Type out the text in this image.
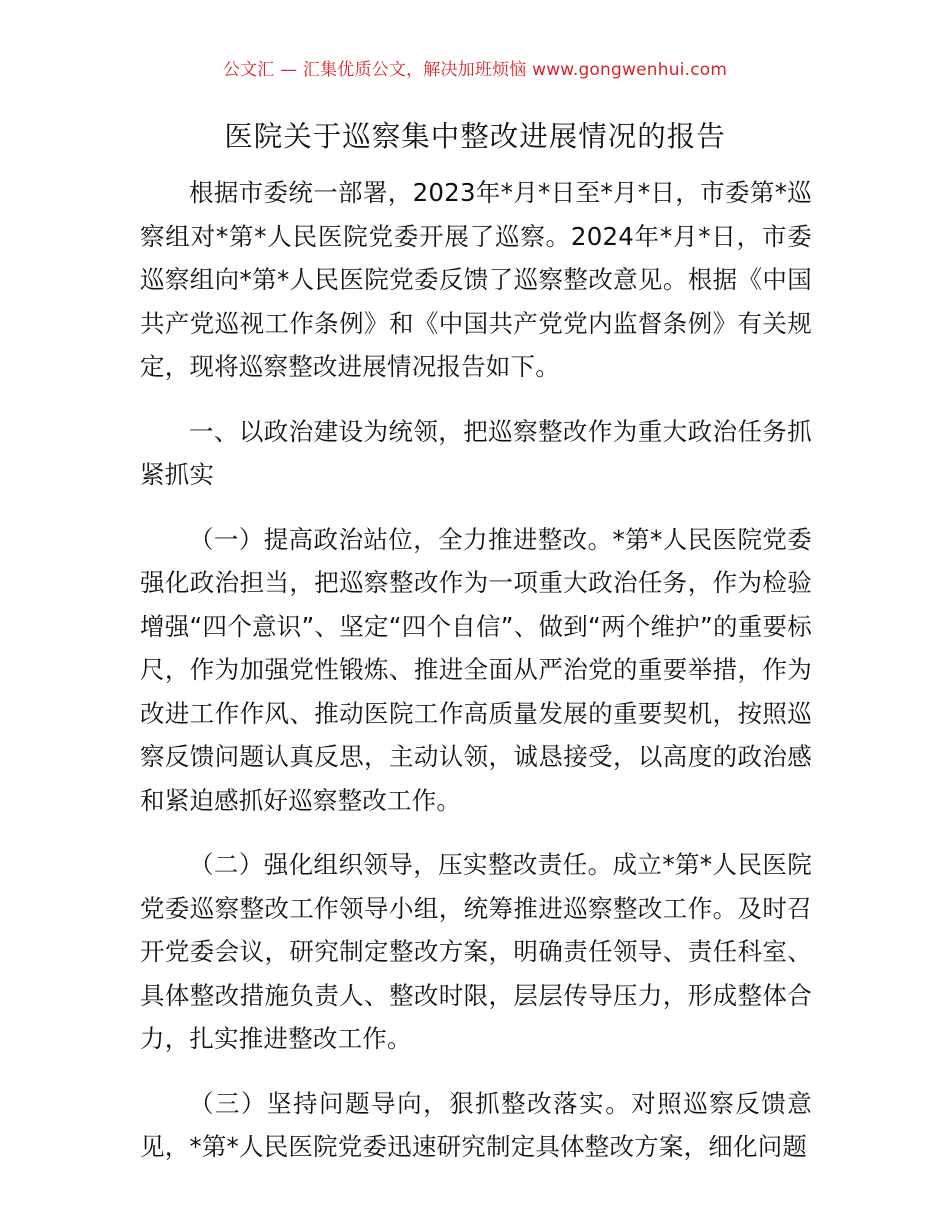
公文汇 — 汇集优质公文，解决加班烦恼 www.gongwenhui.com
医院关于巡察集中整改进展情况的报告

根据市委统一部署，2023年*月*日至*月*日，市委第*巡察组对*第*人民医院党委开展了巡察。2024年*月*日，市委巡察组向*第*人民医院党委反馈了巡察整改意见。根据《中国共产党巡视工作条例》和《中国共产党党内监督条例》有关规定，现将巡察整改进展情况报告如下。

一、以政治建设为统领，把巡察整改作为重大政治任务抓紧抓实

（一）提高政治站位，全力推进整改。*第*人民医院党委强化政治担当，把巡察整改作为一项重大政治任务，作为检验增强“四个意识”、坚定“四个自信”、做到“两个维护”的重要标尺，作为加强党性锻炼、推进全面从严治党的重要举措，作为改进工作作风、推动医院工作高质量发展的重要契机，按照巡察反馈问题认真反思，主动认领，诚恳接受，以高度的政治感和紧迫感抓好巡察整改工作。

（二）强化组织领导，压实整改责任。成立*第*人民医院党委巡察整改工作领导小组，统筹推进巡察整改工作。及时召开党委会议，研究制定整改方案，明确责任领导、责任科室、具体整改措施负责人、整改时限，层层传导压力，形成整体合力，扎实推进整改工作。

（三）坚持问题导向，狠抓整改落实。对照巡察反馈意见，*第*人民医院党委迅速研究制定具体整改方案，细化问题
